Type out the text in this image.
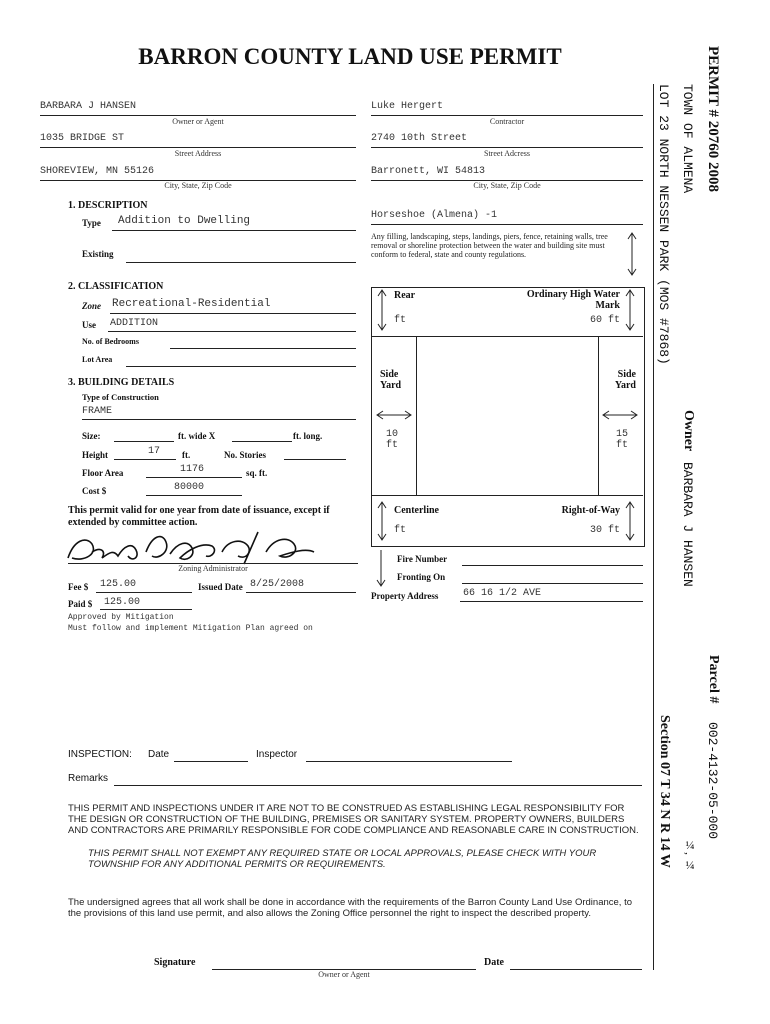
BARRON COUNTY LAND USE PERMIT
BARBARA J HANSEN
Owner or Agent
1035 BRIDGE ST
Street Address
SHOREVIEW, MN 55126
City, State, Zip Code
Luke Hergert
Contractor
2740 10th Street
Street Adcress
Barronett, WI 54813
City, State, Zip Code
1. DESCRIPTION
Type Addition to Dwelling
Existing
Horseshoe (Almena) -1
Any filling, landscaping, steps, landings, piers, fence, retaining walls, tree removal or shoreline protection between the water and building site must conform to federal, state and county regulations.
2. CLASSIFICATION
Zone Recreational-Residential
Use ADDITION
No. of Bedrooms
Lot Area
3. BUILDING DETAILS
Type of Construction
FRAME
Size:	ft. wide X	ft. long.
Height	17 ft.	No. Stories
Floor Area	1176	sq. ft.
Cost $	80000
This permit valid for one year from date of issuance, except if extended by committee action.
Zoning Administrator
Fee $ 125.00	Issued Date 8/25/2008
Paid $ 125.00
Approved by Mitigation
Must follow and implement Mitigation Plan agreed on
Rear	Ordinary High Water Mark
ft	60 ft
Side Yard
Side Yard
10
ft
15
ft
Centerline	Right-of-Way
ft	30 ft
Fire Number
Fronting On
Property Address 66 16 1/2 AVE
INSPECTION: Date	Inspector
Remarks
THIS PERMIT AND INSPECTIONS UNDER IT ARE NOT TO BE CONSTRUED AS ESTABLISHING LEGAL RESPONSIBILITY FOR THE DESIGN OR CONSTRUCTION OF THE BUILDING, PREMISES OR SANITARY SYSTEM. PROPERTY OWNERS, BUILDERS AND CONTRACTORS ARE PRIMARILY RESPONSIBLE FOR CODE COMPLIANCE AND REASONABLE CARE IN CONSTRUCTION.
THIS PERMIT SHALL NOT EXEMPT ANY REQUIRED STATE OR LOCAL APPROVALS, PLEASE CHECK WITH YOUR TOWNSHIP FOR ANY ADDITIONAL PERMITS OR REQUIREMENTS.
The undersigned agrees that all work shall be done in accordance with the requirements of the Barron County Land Use Ordinance, to the provisions of this land use permit, and also allows the Zoning Office personnel the right to inspect the described property.
Signature
Owner or Agent
Date
PERMIT # 20760 2008
TOWN OF ALMENA
LOT 23 NORTH NESSEN PARK (MOS #7868)
Owner
BARBARA J HANSEN
Parcel #
002-4132-05-000
Section 07 T 34 N R 14 W ¼, ¼
